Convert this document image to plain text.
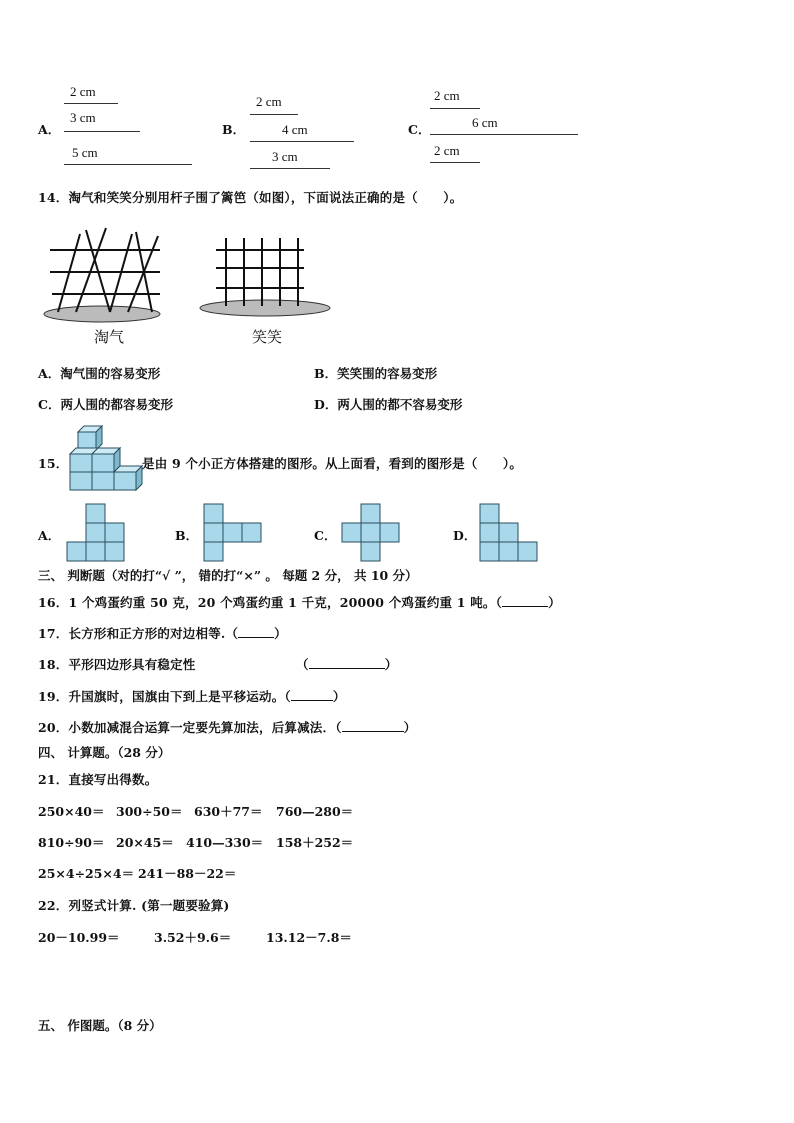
A．
2 cm
3 cm
5 cm
B．
2 cm
4 cm
3 cm
C．
2 cm
6 cm
2 cm
14．淘气和笑笑分别用杆子围了篱笆（如图），下面说法正确的是（　　）。
淘气	笑笑
A．淘气围的容易变形	B．笑笑围的容易变形
C．两人围的都容易变形	D．两人围的都不容易变形
15．	是由 9 个小正方体搭建的图形。从上面看，看到的图形是（　　）。
A．	B．	C．	D．
三、 判断题（对的打“√ ”， 错的打“×” 。 每题 2 分， 共 10 分）
16．1 个鸡蛋约重 50 克，20 个鸡蛋约重 1 千克，20000 个鸡蛋约重 1 吨。（	）
17．长方形和正方形的对边相等.（	）
18．平形四边形具有稳定性	（	）
19．升国旗时，国旗由下到上是平移运动。（	）
20．小数加减混合运算一定要先算加法，后算减法．（	）
四、 计算题。（28 分）
21．直接写出得数。
250×40＝ 300÷50＝ 630＋77＝ 760—280＝
810÷90＝ 20×45＝ 410—330＝ 158＋252＝
25×4÷25×4＝ 241－88－22＝
22．列竖式计算. (第一题要验算)
20－10.99＝	3.52＋9.6＝	13.12－7.8＝
五、 作图题。（8 分）
